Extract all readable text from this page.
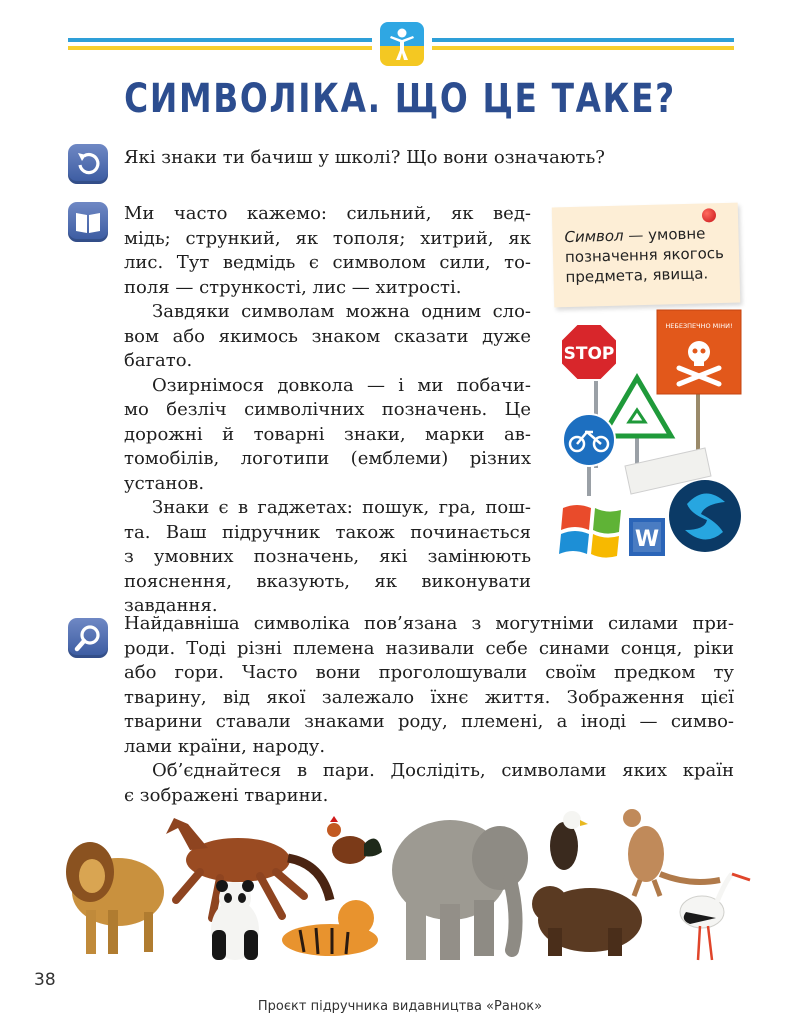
СИМВОЛІКА. ЩО ЦЕ ТАКЕ?

Які знаки ти бачиш у школі? Що вони означають?

Ми часто кажемо: сильний, як вед-
мідь; стрункий, як тополя; хитрий, як
лис. Тут ведмідь є символом сили, то-
поля — стрункості, лис — хитрості.

Завдяки символам можна одним сло-
вом або якимось знаком сказати дуже
багато.

Озирнімося довкола — і ми побачи-
мо безліч символічних позначень. Це
дорожні й товарні знаки, марки ав-
томобілів, логотипи (емблеми) різних
установ.

Знаки є в гаджетах: пошук, гра, пош-
та. Ваш підручник також починається
з умовних позначень, які замінюють
пояснення, вказують, як виконувати
завдання.

Символ — умовне позначення якогось предмета, явища.
STOP
НЕБЕЗПЕЧНО МІНИ!
W

Найдавніша символіка пов’язана з могутніми силами при-
роди. Тоді різні племена називали себе синами сонця, ріки
або гори. Часто вони проголошували своїм предком ту
тварину, від якої залежало їхнє життя. Зображення цієї
тварини ставали знаками роду, племені, а іноді — симво-
лами країни, народу.

Об’єднайтеся в пари. Дослідіть, символами яких країн
є зображені тварини.

38
Проєкт підручника видавництва «Ранок»
